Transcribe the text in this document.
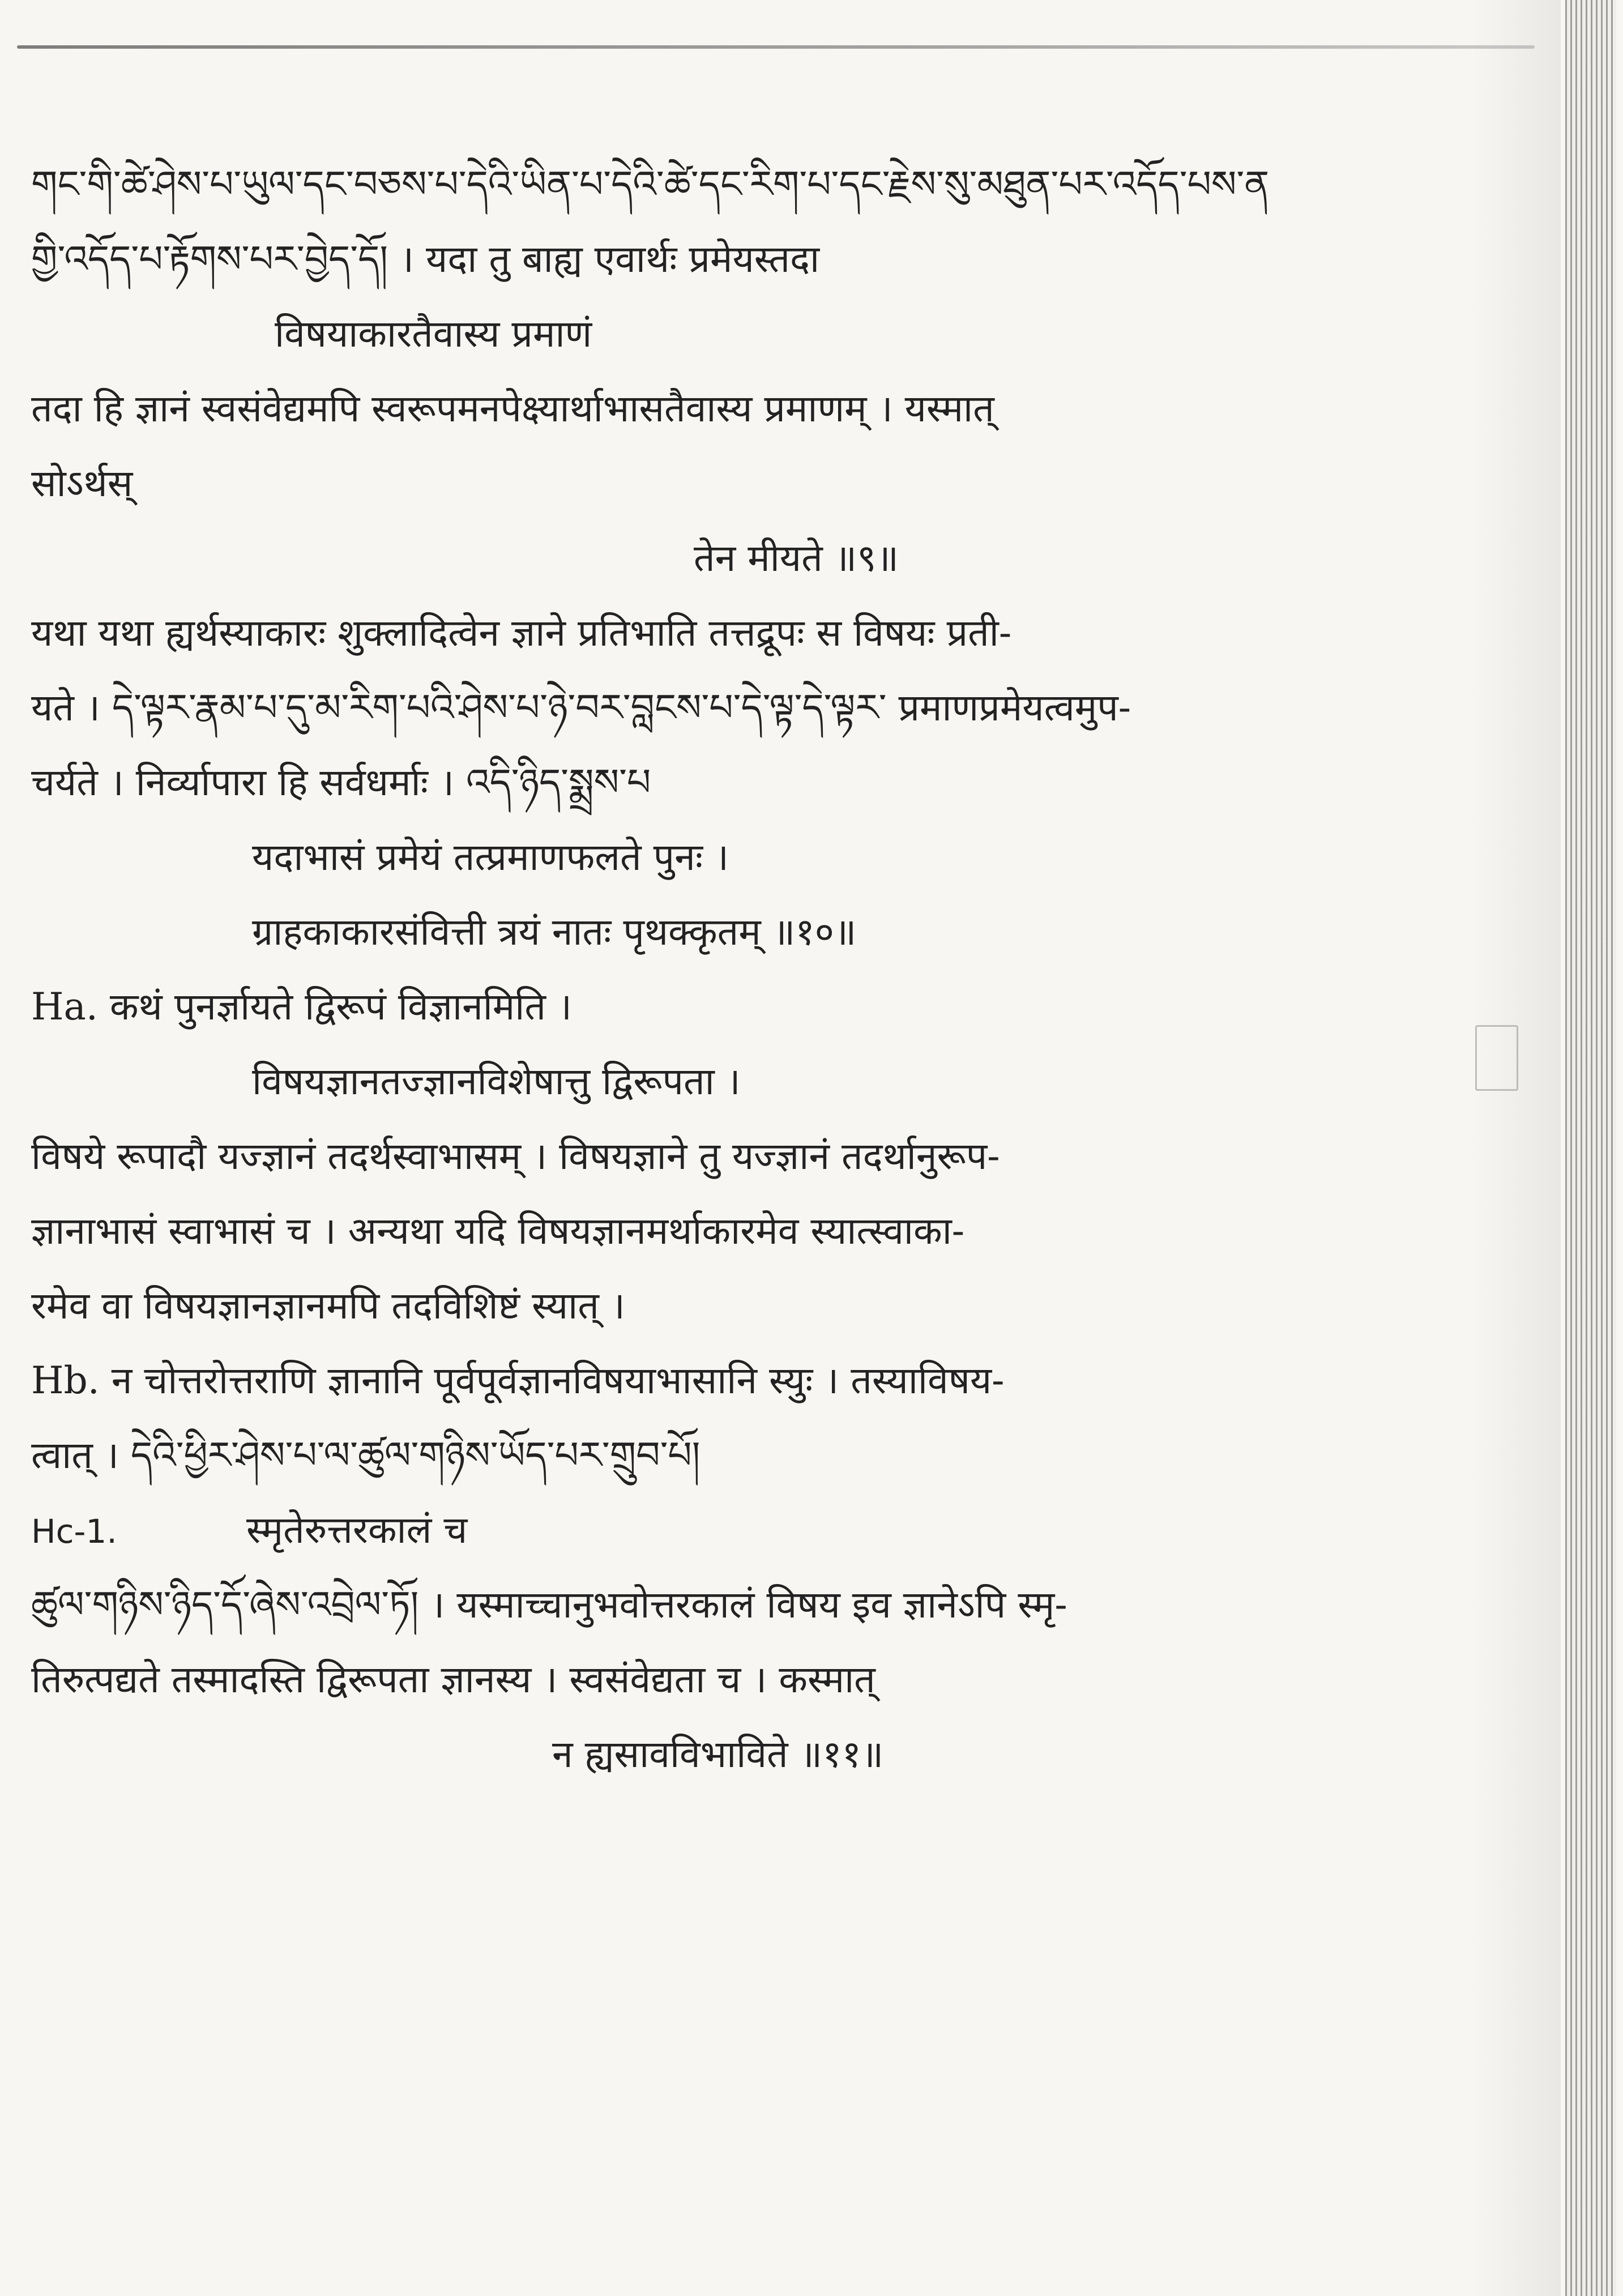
གང་གི་ཚེ་ཤེས་པ་ཡུལ་དང་བཅས་པ་དེའི་ཡིན་པ་དེའི་ཚེ་དང་རིག་པ་དང་རྗེས་སུ་མཐུན་པར་འདོད་པས་ན
གྱི་འདོད་པ་རྟོགས་པར་བྱེད་དོ། । यदा तु बाह्य एवार्थः प्रमेयस्तदा
विषयाकारतैवास्य प्रमाणं
तदा हि ज्ञानं स्वसंवेद्यमपि स्वरूपमनपेक्ष्यार्थाभासतैवास्य प्रमाणम् । यस्मात्
सोऽर्थस्
तेन मीयते ॥९॥
यथा यथा ह्यर्थस्याकारः शुक्लादित्वेन ज्ञाने प्रतिभाति तत्तद्रूपः स विषयः प्रती-
यते । དེ་ལྟར་རྣམ་པ་དུ་མ་རིག་པའི་ཤེས་པ་ཉེ་བར་བླངས་པ་དེ་ལྟ་དེ་ལྟར་ प्रमाणप्रमेयत्वमुप-
चर्यते । निर्व्यापारा हि सर्वधर्माः । འདི་ཉིད་སྨྲས་པ
यदाभासं प्रमेयं तत्प्रमाणफलते पुनः ।
ग्राहकाकारसंवित्ती त्रयं नातः पृथक्कृतम् ॥१०॥
Ha. कथं पुनर्ज्ञायते द्विरूपं विज्ञानमिति ।
विषयज्ञानतज्ज्ञानविशेषात्तु द्विरूपता ।
विषये रूपादौ यज्ज्ञानं तदर्थस्वाभासम् । विषयज्ञाने तु यज्ज्ञानं तदर्थानुरूप-
ज्ञानाभासं स्वाभासं च । अन्यथा यदि विषयज्ञानमर्थाकारमेव स्यात्स्वाका-
रमेव वा विषयज्ञानज्ञानमपि तदविशिष्टं स्यात् ।
Hb. न चोत्तरोत्तराणि ज्ञानानि पूर्वपूर्वज्ञानविषयाभासानि स्युः । तस्याविषय-
त्वात् । དེའི་ཕྱིར་ཤེས་པ་ལ་ཚུལ་གཉིས་ཡོད་པར་གྲུབ་པོ།
Hc-1.	स्मृतेरुत्तरकालं च
ཚུལ་གཉིས་ཉིད་དོ་ཞེས་འབྲེལ་ཏོ། । यस्माच्चानुभवोत्तरकालं विषय इव ज्ञानेऽपि स्मृ-
तिरुत्पद्यते तस्मादस्ति द्विरूपता ज्ञानस्य । स्वसंवेद्यता च । कस्मात्
न ह्यसावविभाविते ॥११॥
